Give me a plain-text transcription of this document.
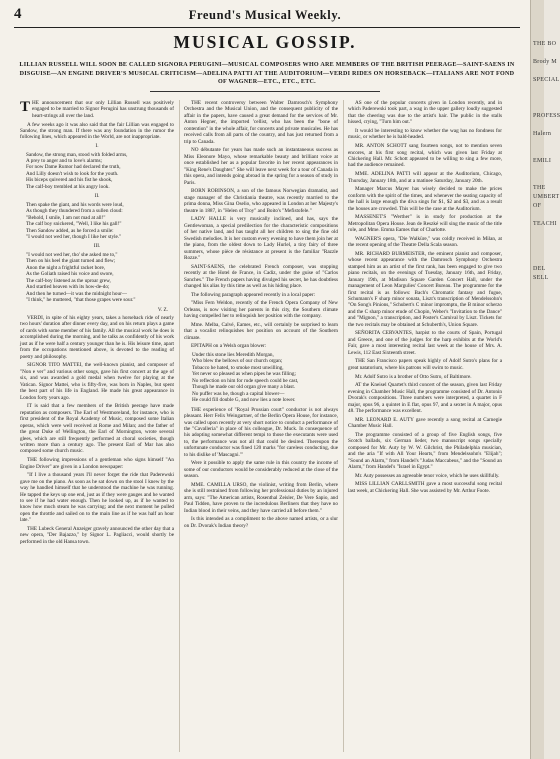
4	Freund's Musical Weekly.
MUSICAL GOSSIP.
LILLIAN RUSSELL WILL SOON BE CALLED SIGNORA PERUGINI—MUSICAL COMPOSERS WHO ARE MEMBERS OF THE BRITISH PEERAGE—SAINT-SAENS IN DISGUISE—AN ENGINE DRIVER'S MUSICAL CRITICISM—ADELINA PATTI AT THE AUDITORIUM—VERDI RIDES ON HORSEBACK—ITALIANS ARE NOT FOND OF WAGNER—ETC., ETC., ETC.

THE announcement that our only Lillian Russell was positively engaged to be married to Signor Perugini has unstrung thousands of heart-strings all over the land.

A few weeks ago it was also said that the fair Lillian was engaged to Sandow, the strong man. If there was any foundation in the rumor the following lines, which appeared in the World, are not inappropriate.

I.
Sandow, the strong man, stood with folded arms,
A prey to anger and to love's alarms;
For now Dame Rumor had declared the truth,
And Lilly doesn't wish to look for the youth.
His biceps quivered and his fist he shook,
The calf-boy trembled at his angry look.
II.
Then spake the giant, and his words were loud,
As though they thundered from a sullen cloud:
"Behold, I smile, I am not mad at all!"
The calf boy snickered, "Well, I like his gall!"
Then Sandow added, as he forced a smile:
"I would not wed her, though I like her style."
III.
"I would not wed her, tho' she asked me to,"
Then on his heel the giant turned and flew;
Anon the night a frightful racket bore,
As the Goliath raised his voice and swore,
The calf-boy listened as the uproar grew,
And startled heaven with its how-de-do;
And then he turned—it was the midnight hour—
"I think," he muttered, "that those grapes were sour."
V. Z.

VERDI, in spite of his eighty years, takes a horseback ride of nearly two hours' duration after dinner every day, and on his return plays a game of cards with some member of his family. All the musical work he does is accomplished during the morning, and he talks as confidently of his work just as if he were half a century younger than he is. His leisure time, apart from the occupations mentioned above, is devoted to the reading of poetry and philosophy.

SIGNOR TITO MATTEI, the well-known pianist, and composer of "Non e ver" and various other songs, gave his first concert at the age of six, and was awarded a gold medal when twelve for playing at the Vatican. Signor Mattei, who is fifty-five, was born in Naples, but spent the best part of his life in England. He made his great appearance in London forty years ago.

IT is said that a few members of the British peerage have made reputation as composers. The Earl of Westmoreland, for instance, who is first president of the Royal Academy of Music, composed some Italian operas, which were well received at Rome and Milan; and the father of the great Duke of Wellington, the Earl of Mornington, wrote several glees, which are still frequently performed at choral societies, though written more than a century ago. The present Earl of Mar has also composed some church music.

THE following impressions of a gentleman who signs himself "An Engine Driver" are given in a London newspaper:

"If I live a thousand years I'll never forget the ride that Paderewski gave me on the piano. As soon as he sat down on the stool I knew by the way he handled himself that he understood the machine he was running. He tapped the keys up one end, just as if they were gauges and he wanted to see if he had water enough. Then he looked up, as if he wanted to know how much steam he was carrying; and the next moment he pulled open the throttle and sailed on to the main line as if he was half an hour late."

THE Lubeck General Anzeiger gravely announced the other day that a new opera, "Der Bajazzo," by Signor L. Pagliacci, would shortly be performed in the old Hansa town.

THE recent controversy between Walter Damrosch's Symphony Orchestra and the Musical Union, and the consequent publicity of the affair in the papers, have caused a great demand for the services of Mr. Anton Hegner, the imported 'cellist, who has been the "bone of contention" in the whole affair, for concerts and private musicales. He has received calls from all parts of the country, and has just returned from a trip to Canada.

NO débutante for years has made such an instantaneous success as Miss Eleonore Mayo, whose remarkable beauty and brilliant voice at once established her as a popular favorite in her recent appearances in "King Rene's Daughter." She will leave next week for a tour of Canada in this opera, and intends going abroad in the spring for a season of study in Paris.

BORN ROBINSON, a son of the famous Norwegian dramatist, and stage manager of the Christiania theatre, was recently married to the prima donna, Miss Gina Oselio, who appeared in London at her Majesty's theatre in 1887, in "Helen of Troy" and Boito's "Mefistofele."

LADY HALLE is very musically inclined, and has, says the Gentlewoman, a special predilection for the characteristic compositions of her native land, and has taught all her children to sing the fine old Swedish melodies. It is her custom every evening to have them join her at the piano, from the oldest down to Lady Hurlel, a tiny fairy of three summers, whose pièce de résistance at present is the familiar "Razzle Rozze."

SAINT-SAENS, the celebrated French composer, was stopping recently at the Hotel de France, in Cadiz, under the guise of "Carlos Sanches." The French papers having divulged his secret, he has doubtless changed his alias by this time as well as his hiding place.

The following paragraph appeared recently in a local paper:

"Miss Fern Weldon, recently of the French Opera Company of New Orleans, is now visiting her parents in this city, the Southern climate having compelled her to relinquish her position with the company.

Mme. Melba, Calvé, Eames, etc., will certainly be surprised to learn that a vocalist relinquishes her position on account of the Southern climate.

EPITAPH on a Welsh organ blower:

Under this stone lies Meredith Morgan,
Who blew the bellows of our church organ;
Tobacco he hated, to smoke most unwilling,
Yet never so pleased as when pipes he was filling;
No reflection on him for rude speech could be cast,
Though he made our old organ give many a blast.
No puffer was he, though a capital blower—
He could fill double G, and now lies a note lower.

THE experience of "Royal Prussian court" conductor is not always pleasant. Herr Felix Weingartner, of the Berlin Opera House, for instance, was called upon recently at very short notice to conduct a performance of the "Cavalleria" in place of his colleague, Dr. Muck. In consequence of his adopting somewhat different tempi to those the executants were used to, the performance was not all that could be desired. Thereupon the unfortunate conductor was fined 120 marks "for careless conducting, due to his dislike of 'Mascagni.'"

Were it possible to apply the same rule in this country the income of some of our conductors would be considerably reduced at the close of the season.

MME. CAMILLA URSO, the violinist, writing from Berlin, where she is still restrained from following her professional duties by an injured arm, says: "The American artists, Rosenthal Zeisler, De Vere Sapio, and Paul Tidden, have proven to the incredulous Berliners that they have no Indian blood in their veins, and they have carried all before them."

Is this intended as a compliment to the above named artists, or a slur on Dr. Dvorak's Indian theory?

AS one of the popular concerts given in London recently, and in which Paderewski took part, a wag in the upper gallery loudly suggested that the cheering was due to the artist's hair. The public in the stalls hissed, crying, "Turn him out."

It would be interesting to know whether the wag has no fondness for music, or whether he is bald-headed.

MR. ANTON SCHOTT sang fourteen songs, not to mention seven encores, at his first song recital, which was given last Friday at Chickering Hall. Mr. Schott appeared to be willing to sing a few more, had the audience remained.

MME. ADELINA PATTI will appear at the Auditorium, Chicago, Thursday, January 18th, and at a matinee Saturday, January 20th.

Manager Marcus Mayer has wisely decided to make the prices conform with the spirit of the times, and whenever the seating capacity of the hall is large enough the diva sings for $1, $2 and $3, and as a result the houses are crowded. This will be the case at the Auditorium.

MASSENET'S "Werther" is in study for production at the Metropolitan Opera House. Jean de Reszké will sing the music of the title role, and Mme. Emma Eames that of Charlotte.

WAGNER'S opera, "Die Walküre," was coldly received in Milan, at the recent opening of the Theatre Della Scala season.

MR. RICHARD BURMEISTER, the eminent pianist and composer, whose recent appearance with the Damrosch Symphony Orchestra stamped him as an artist of the first rank, has been engaged to give two piano recitals, on the evenings of Tuesday, January 16th, and Friday, January 19th, at Madison Square Garden Concert Hall, under the management of Leon Margulies' Concert Bureau. The programme for the first recital is as follows: Bach's Chromatic fantasy and fugue, Schumann's F sharp minor sonata, Liszt's transcription of Mendelssohn's "On Song's Pinions," Schubert's C minor impromptu, the B minor scherzo and the C sharp minor etude of Chopin, Weber's "Invitation to the Dance" and "Mignon," a transcription, and Poster's Carnival by Liszt. Tickets for the two recitals may be obtained at Schuberth's, Union Square.

SEÑORITA CERVANTES, harpist to the courts of Spain, Portugal and Greece, and one of the judges for the harp exhibits at the World's Fair, gave a most interesting recital last week at the house of Mrs. A. Lewis, 112 East Sixteenth street.

THE San Francisco papers speak highly of Adolf Sutro's plans for a great natatorium, where his patrons will swim to music.

Mr. Adolf Sutro is a brother of Otto Sutro, of Baltimore.

AT the Kneisel Quartet's third concert of the season, given last Friday evening in Chamber Music Hall, the programme consisted of Dr. Antonin Dvorak's compositions. Three numbers were interpreted, a quartet in F major, opus 96, a quintet in E flat, opus 97, and a sextet in A major, opus 48. The performance was excellent.

MR. LEONARD E. AUTY gave recently a song recital at Carnegie Chamber Music Hall.

The programme consisted of a group of five English songs, five Scotch ballads, six German lieder, two manuscript songs specially composed for Mr. Auty by W. W. Gilchrist, the Philadelphia musician, and the aria "If with All Your Hearts," from Mendelssohn's "Elijah"; "Sound an Alarm," from Handel's "Judas Maccabeus," and the "Sound an Alarm," from Handel's "Israel in Egypt."

Mr. Auty possesses an agreeable tenor voice, which he uses skillfully.

MISS LILLIAN CARLLSMITH gave a most successful song recital last week, at Chickering Hall. She was assisted by Mr. Arthur Foote.

THE BO

Brody M

SPECIAL

PROFESS

Halern

EMILI

THE
UMBERT
OF

TEACHI

DEL
SELL
